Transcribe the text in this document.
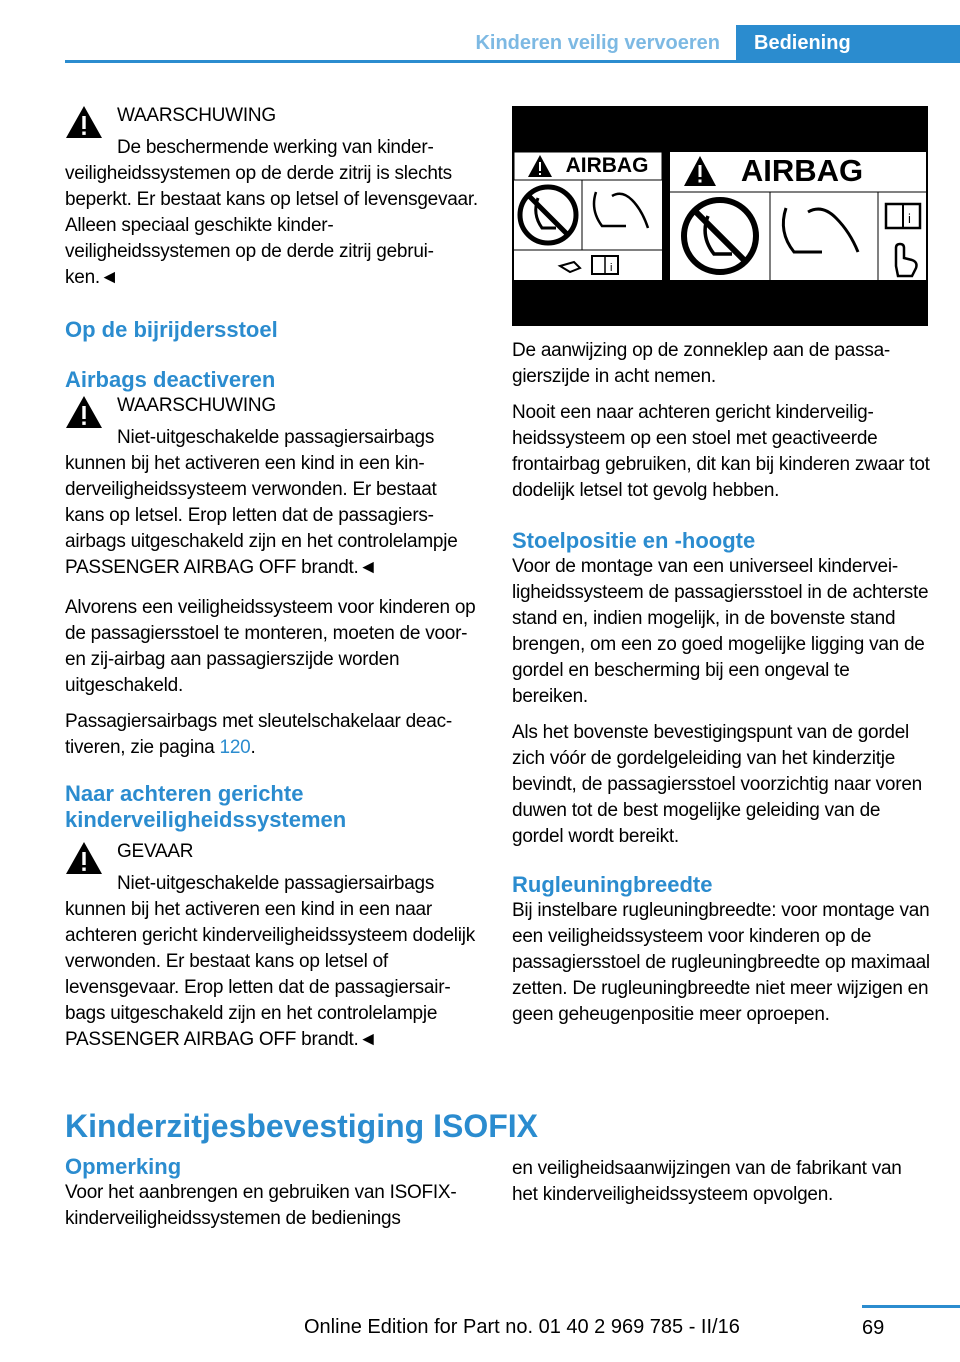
Kinderen veilig vervoeren	Bediening
WAARSCHUWING
De beschermende werking van kinderveiligheidssystemen op de derde zitrij is slechts beperkt. Er bestaat kans op letsel of levensgevaar. Alleen speciaal geschikte kinderveiligheidssystemen op de derde zitrij gebruiken.◄
Op de bijrijdersstoel
Airbags deactiveren
WAARSCHUWING
Niet-uitgeschakelde passagiersairbags kunnen bij het activeren een kind in een kinderveiligheidssysteem verwonden. Er bestaat kans op letsel. Erop letten dat de passagiersairbags uitgeschakeld zijn en het controlelampje PASSENGER AIRBAG OFF brandt.◄

Alvorens een veiligheidssysteem voor kinderen op de passagiersstoel te monteren, moeten de voor- en zij-airbag aan passagierszijde worden uitgeschakeld.

Passagiersairbags met sleutelschakelaar deactiveren, zie pagina 120.

Naar achteren gerichte kinderveiligheidssystemen
GEVAAR
Niet-uitgeschakelde passagiersairbags kunnen bij het activeren een kind in een naar achteren gericht kinderveiligheidssysteem dodelijk verwonden. Er bestaat kans op letsel of levensgevaar. Erop letten dat de passagiersairbags uitgeschakeld zijn en het controlelampje PASSENGER AIRBAG OFF brandt.◄
AIRBAG
i
AIRBAG
i

De aanwijzing op de zonneklep aan de passagierszijde in acht nemen.

Nooit een naar achteren gericht kinderveiligheidssysteem op een stoel met geactiveerde frontairbag gebruiken, dit kan bij kinderen zwaar tot dodelijk letsel tot gevolg hebben.

Stoelpositie en -hoogte

Voor de montage van een universeel kinderveiligheidssysteem de passagiersstoel in de achterste stand en, indien mogelijk, in de bovenste stand brengen, om een zo goed mogelijke ligging van de gordel en bescherming bij een ongeval te bereiken.

Als het bovenste bevestigingspunt van de gordel zich vóór de gordelgeleiding van het kinderzitje bevindt, de passagiersstoel voorzichtig naar voren duwen tot de best mogelijke geleiding van de gordel wordt bereikt.

Rugleuningbreedte

Bij instelbare rugleuningbreedte: voor montage van een veiligheidssysteem voor kinderen op de passagiersstoel de rugleuningbreedte op maximaal zetten. De rugleuningbreedte niet meer wijzigen en geen geheugenpositie meer oproepen.

Kinderzitjesbevestiging ISOFIX
Opmerking

Voor het aanbrengen en gebruiken van ISOFIX-kinderveiligheidssystemen de bedienings

en veiligheidsaanwijzingen van de fabrikant van het kinderveiligheidssysteem opvolgen.

69
Online Edition for Part no. 01 40 2 969 785 - II/16
